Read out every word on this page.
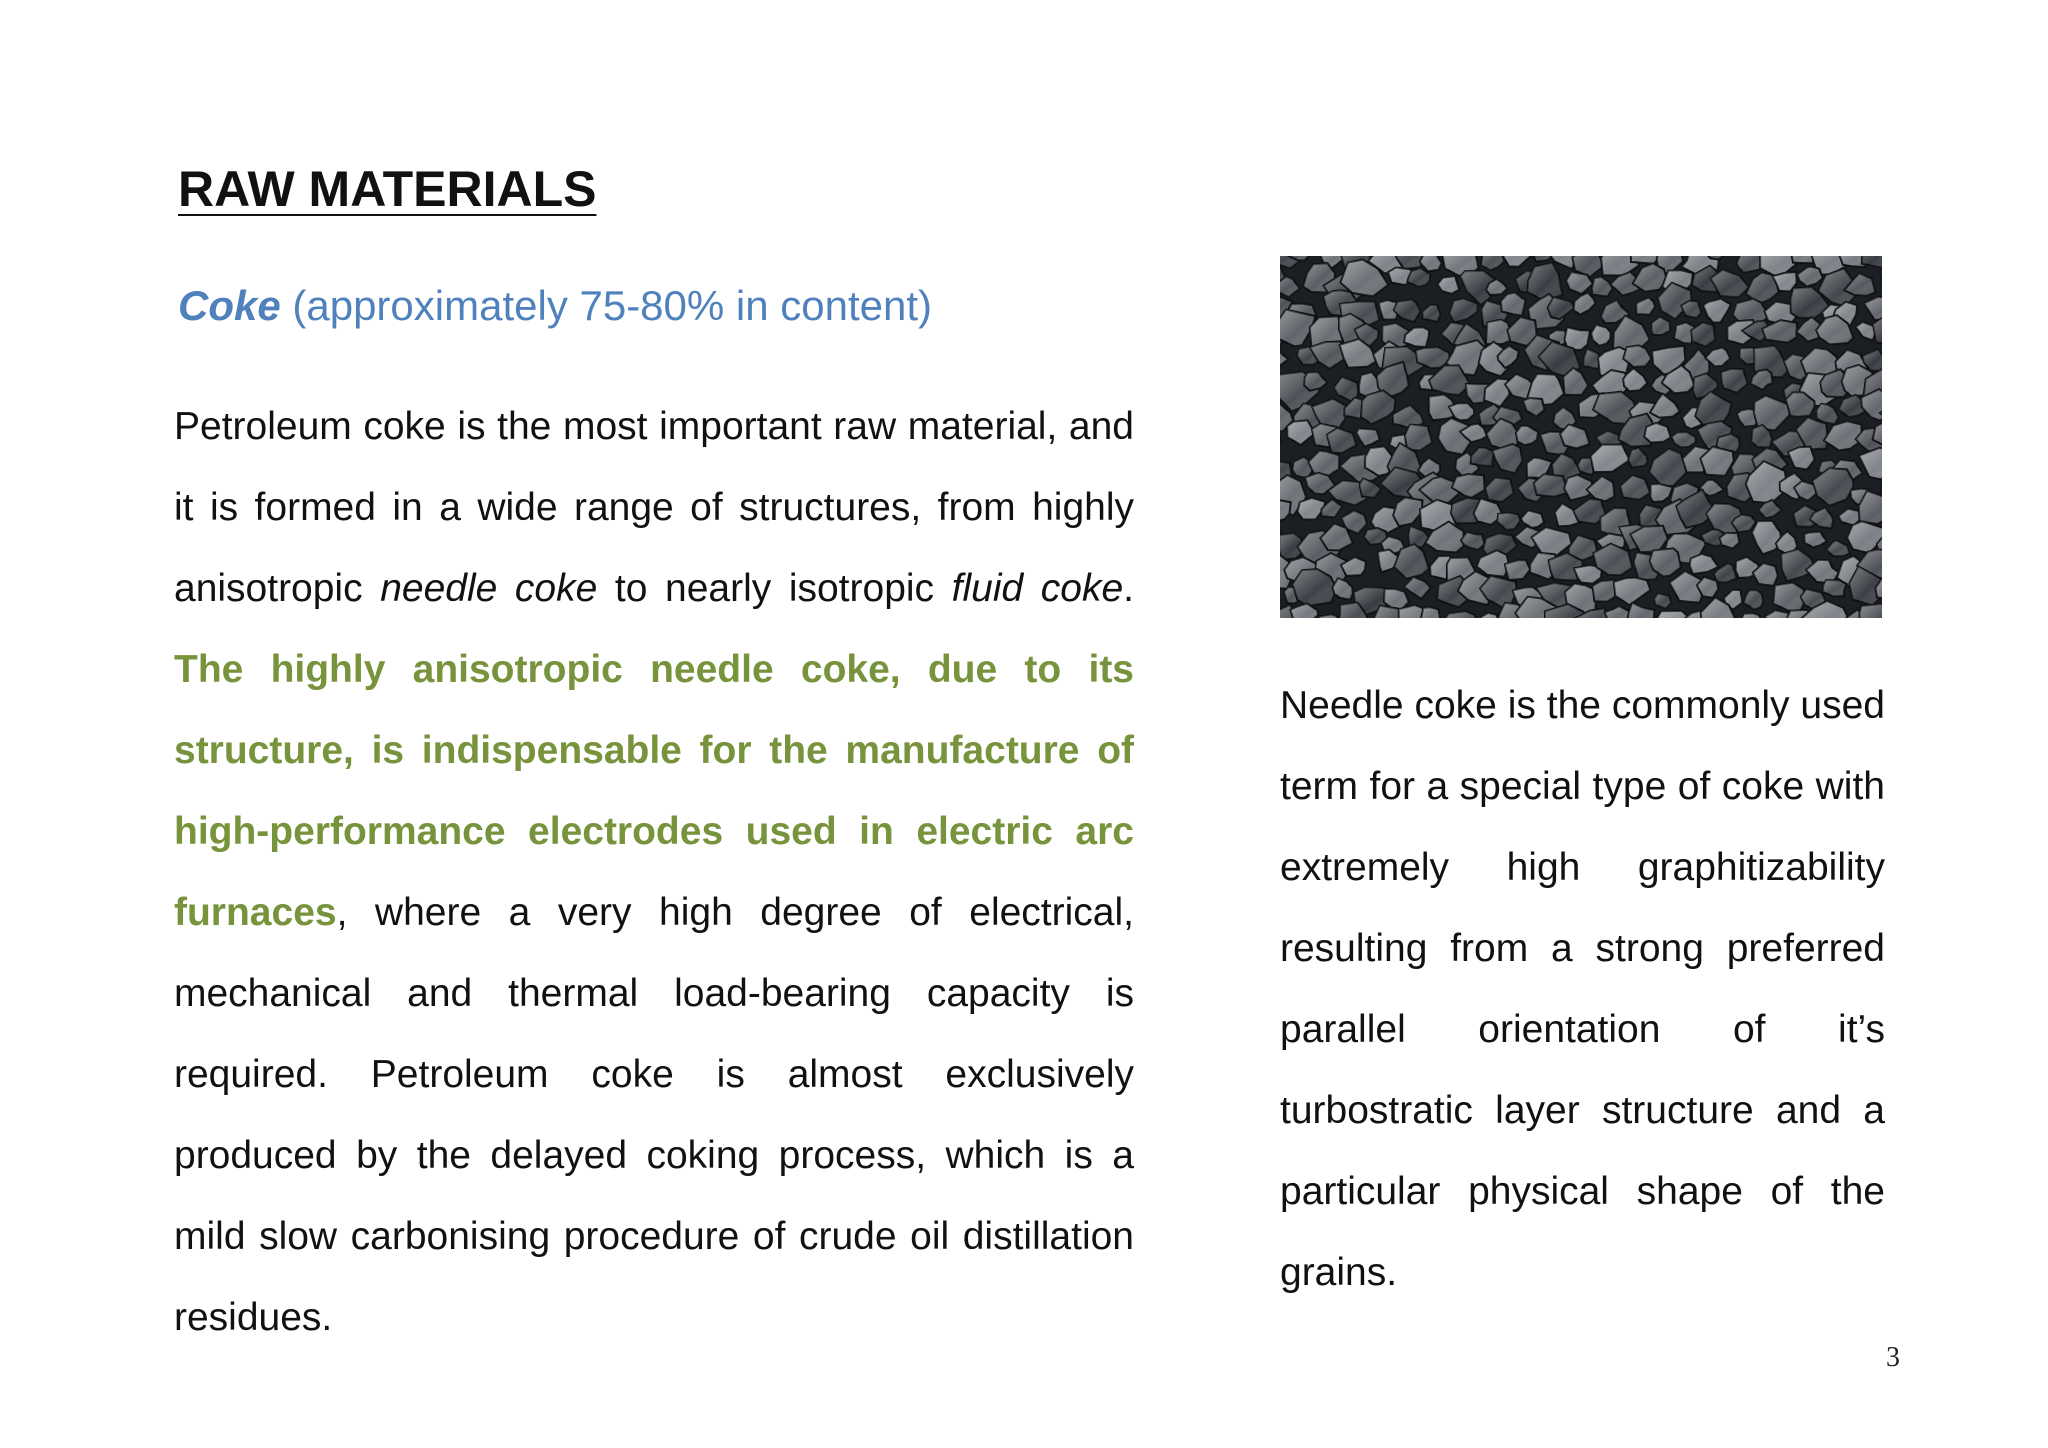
RAW MATERIALS
Coke (approximately 75-80% in content)

Petroleum coke is the most important raw material, and it is formed in a wide range of structures, from highly anisotropic needle coke to nearly isotropic fluid coke. The highly anisotropic needle coke, due to its structure, is indispensable for the manufacture of high-performance electrodes used in electric arc furnaces, where a very high degree of electrical, mechanical and thermal load-bearing capacity is required. Petroleum coke is almost exclusively produced by the delayed coking process, which is a mild slow carbonising procedure of crude oil distillation residues.

Needle coke is the commonly used term for a special type of coke with extremely high graphitizability resulting from a strong preferred parallel orientation of it’s turbostratic layer structure and a particular physical shape of the grains.

3
